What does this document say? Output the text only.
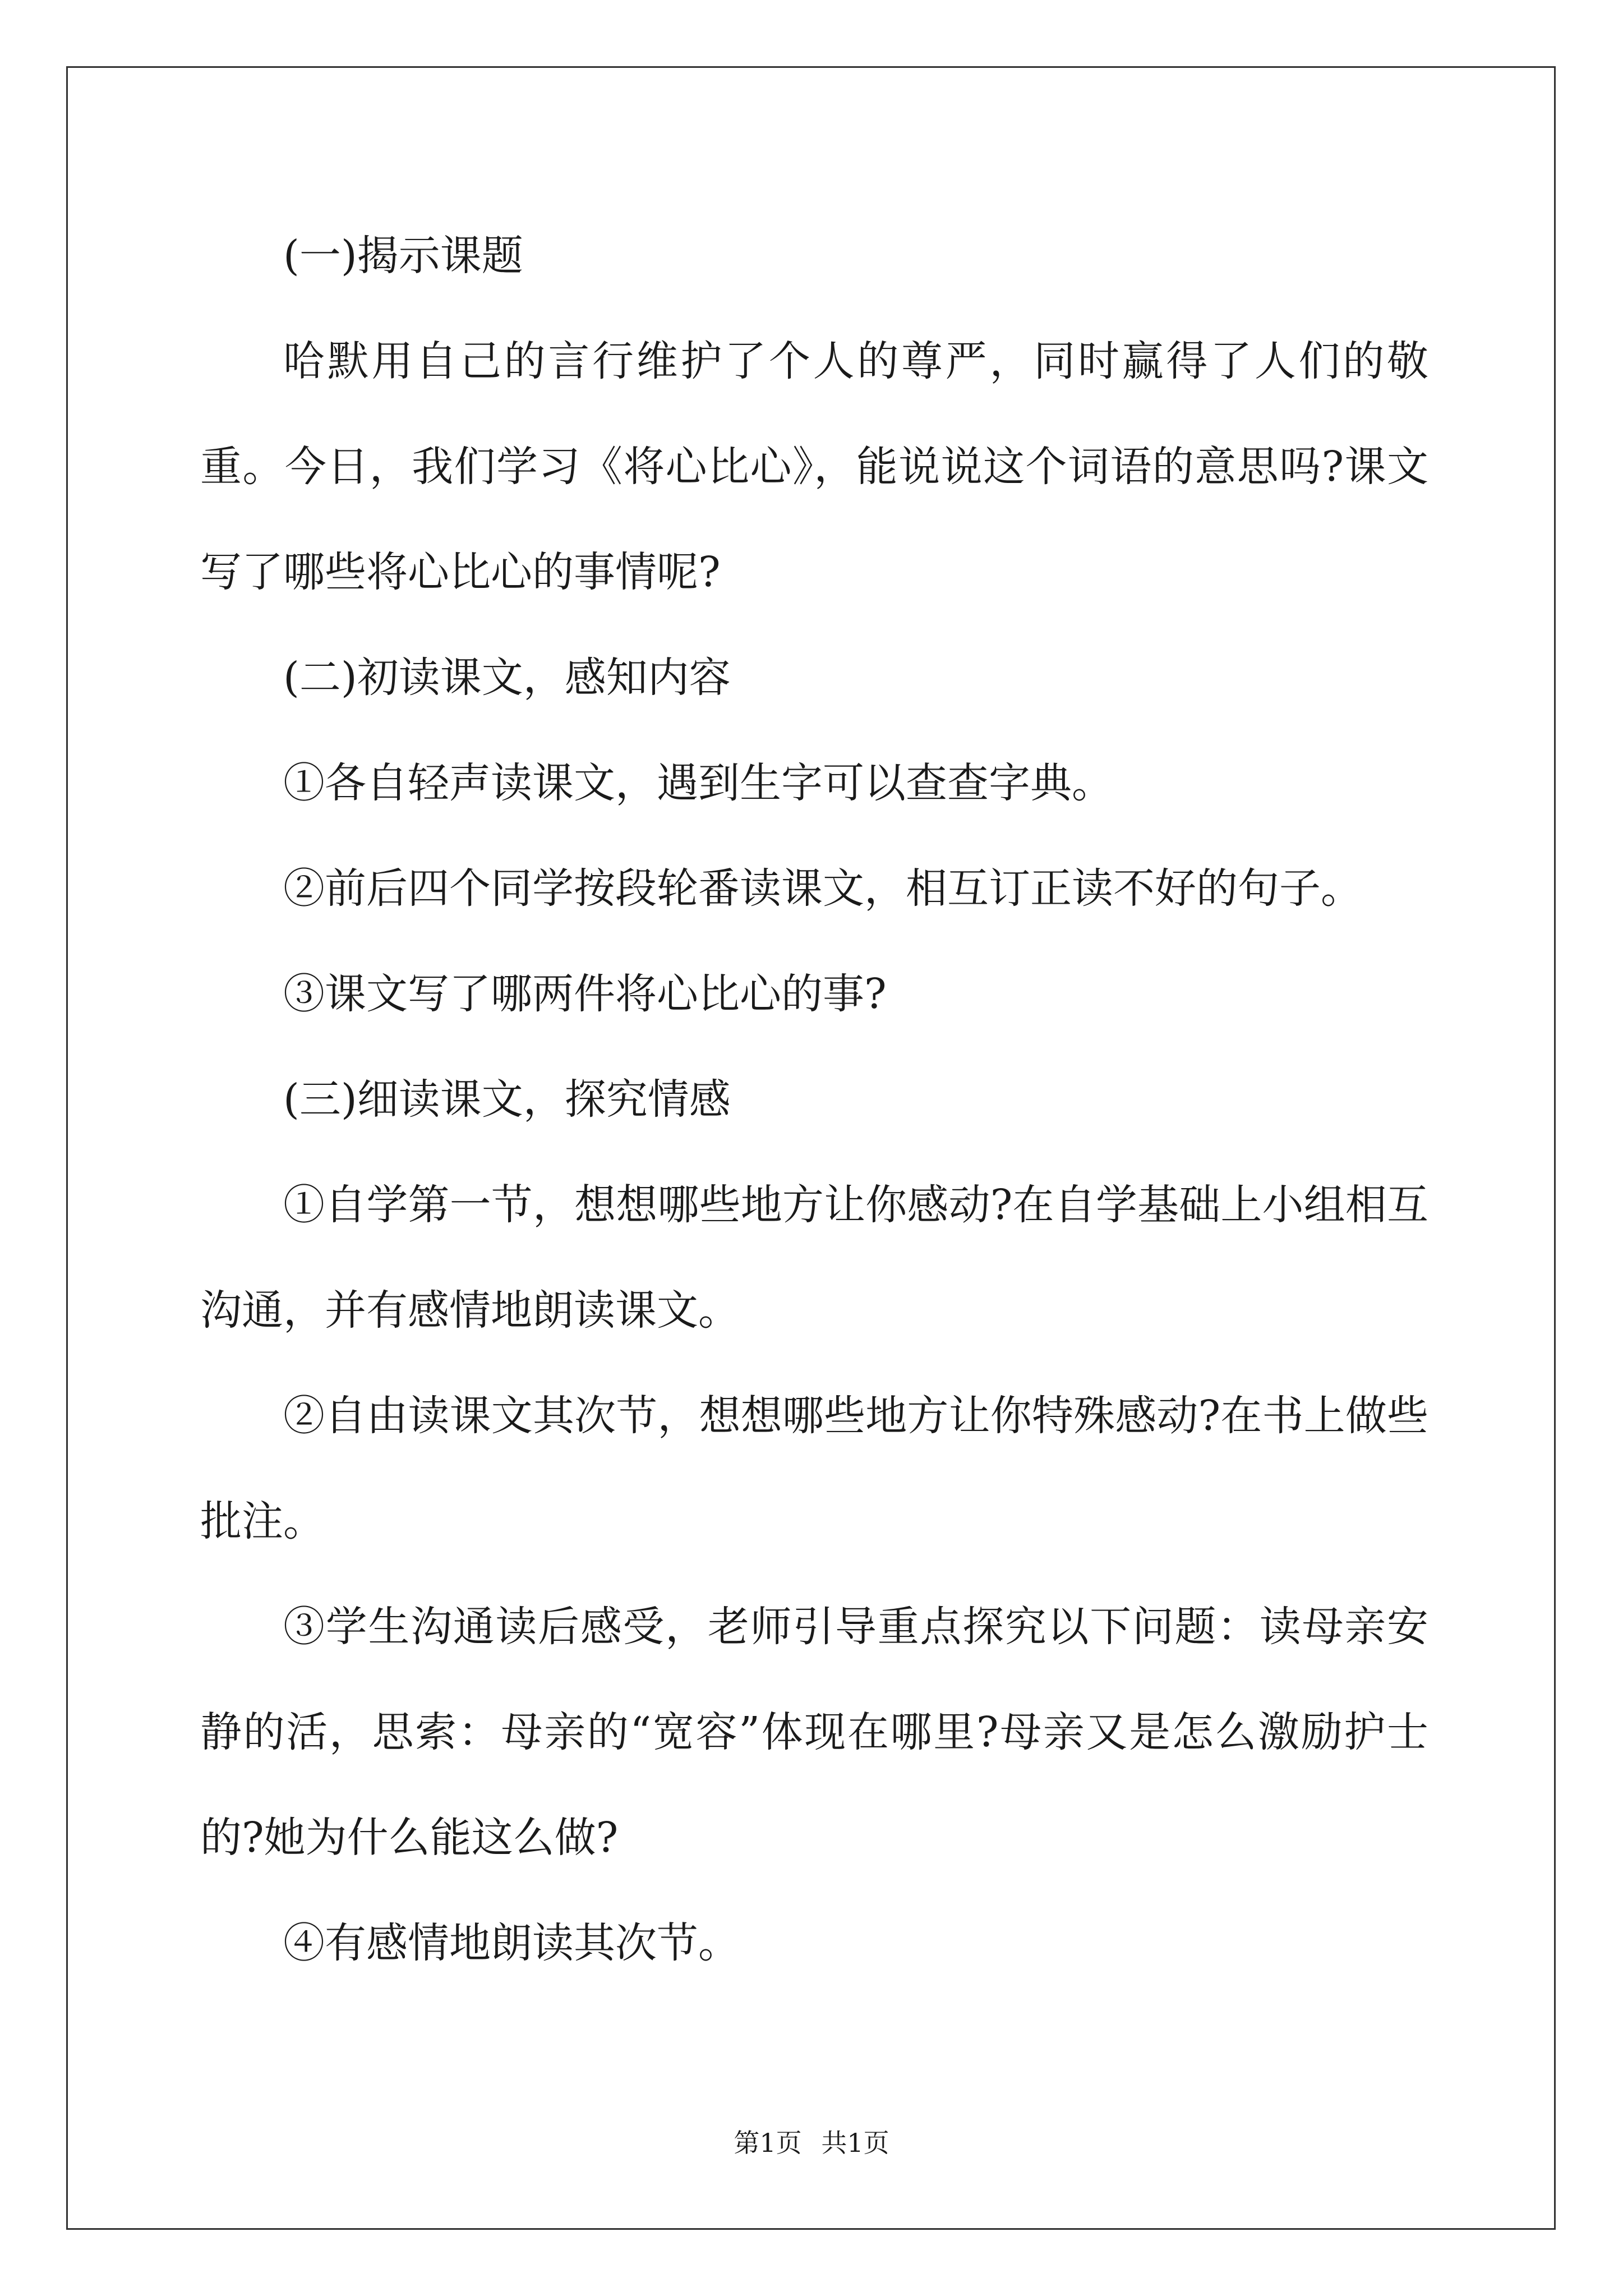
(一)揭示课题

哈默用自己的言行维护了个人的尊严，同时赢得了人们的敬重。今日，我们学习《将心比心》，能说说这个词语的意思吗?课文写了哪些将心比心的事情呢?

(二)初读课文，感知内容

①各自轻声读课文，遇到生字可以查查字典。

②前后四个同学按段轮番读课文，相互订正读不好的句子。

③课文写了哪两件将心比心的事?

(三)细读课文，探究情感

①自学第一节，想想哪些地方让你感动?在自学基础上小组相互沟通，并有感情地朗读课文。

②自由读课文其次节，想想哪些地方让你特殊感动?在书上做些批注。

③学生沟通读后感受，老师引导重点探究以下问题：读母亲安静的活，思索：母亲的“宽容”体现在哪里?母亲又是怎么激励护士的?她为什么能这么做?

④有感情地朗读其次节。

第1页 共1页
